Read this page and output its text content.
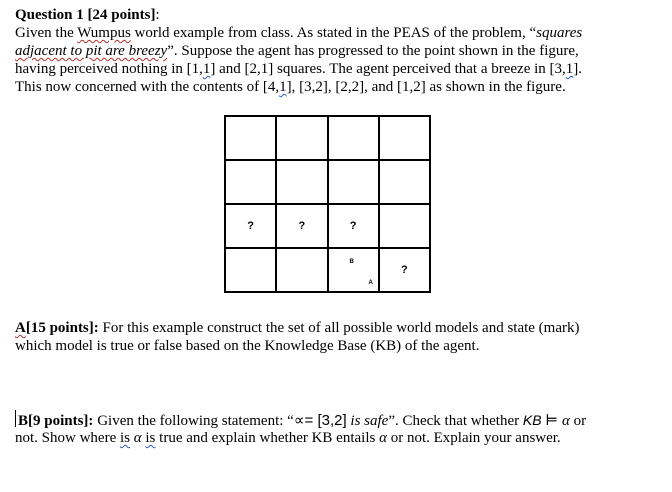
Question 1 [24 points]:
Given the Wumpus world example from class. As stated in the PEAS of the problem, “squares
adjacent to pit are breezy”. Suppose the agent has progressed to the point shown in the figure,
having perceived nothing in [1,1] and [2,1] squares. The agent perceived that a breeze in [3,1].
This now concerned with the contents of [4,1], [3,2], [2,2], and [1,2] as shown in the figure.
?	?	?
B
A
?
A[15 points]: For this example construct the set of all possible world models and state (mark)
which model is true or false based on the Knowledge Base (KB) of the agent.
B[9 points]: Given the following statement: “∝= [3,2] is safe”. Check that whether KB ⊨ α or
not. Show where is α is true and explain whether KB entails α or not. Explain your answer.
